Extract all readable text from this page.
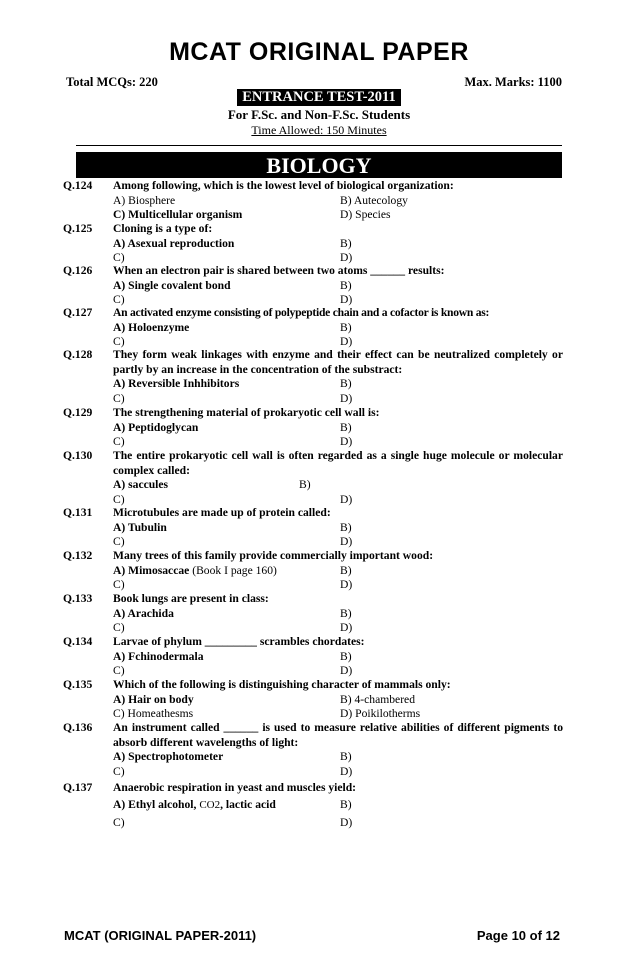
MCAT ORIGINAL PAPER
Total MCQs: 220	Max. Marks: 1100
ENTRANCE TEST-2011
For F.Sc. and Non-F.Sc. Students
Time Allowed: 150 Minutes
BIOLOGY
Q.124	Among following, which is the lowest level of biological organization:
A) Biosphere	B) Autecology
C) Multicellular organism	D) Species
Q.125	Cloning is a type of:
A) Asexual reproduction	B)
C)	D)
Q.126	When an electron pair is shared between two atoms ______ results:
A) Single covalent bond	B)
C)	D)
Q.127	An activated enzyme consisting of polypeptide chain and a cofactor is known as:
A) Holoenzyme	B)
C)	D)
Q.128	They form weak linkages with enzyme and their effect can be neutralized completely or partly by an increase in the concentration of the substract:
A) Reversible Inhhibitors	B)
C)	D)
Q.129	The strengthening material of prokaryotic cell wall is:
A) Peptidoglycan	B)
C)	D)
Q.130	The entire prokaryotic cell wall is often regarded as a single huge molecule or molecular complex called:
A) saccules	B)
C)	D)
Q.131	Microtubules are made up of protein called:
A) Tubulin	B)
C)	D)
Q.132	Many trees of this family provide commercially important wood:
A) Mimosaccae (Book I page 160)	B)
C)	D)
Q.133	Book lungs are present in class:
A) Arachida	B)
C)	D)
Q.134	Larvae of phylum _________ scrambles chordates:
A) Fchinodermala	B)
C)	D)
Q.135	Which of the following is distinguishing character of mammals only:
A) Hair on body	B) 4-chambered
C) Homeathesms	D) Poikilotherms
Q.136	An instrument called ______ is used to measure relative abilities of different pigments to absorb different wavelengths of light:
A) Spectrophotometer	B)
C)	D)
Q.137	Anaerobic respiration in yeast and muscles yield:
A) Ethyl alcohol, CO2, lactic acid	B)
C)	D)
MCAT (ORIGINAL PAPER-2011)	Page 10 of 12
